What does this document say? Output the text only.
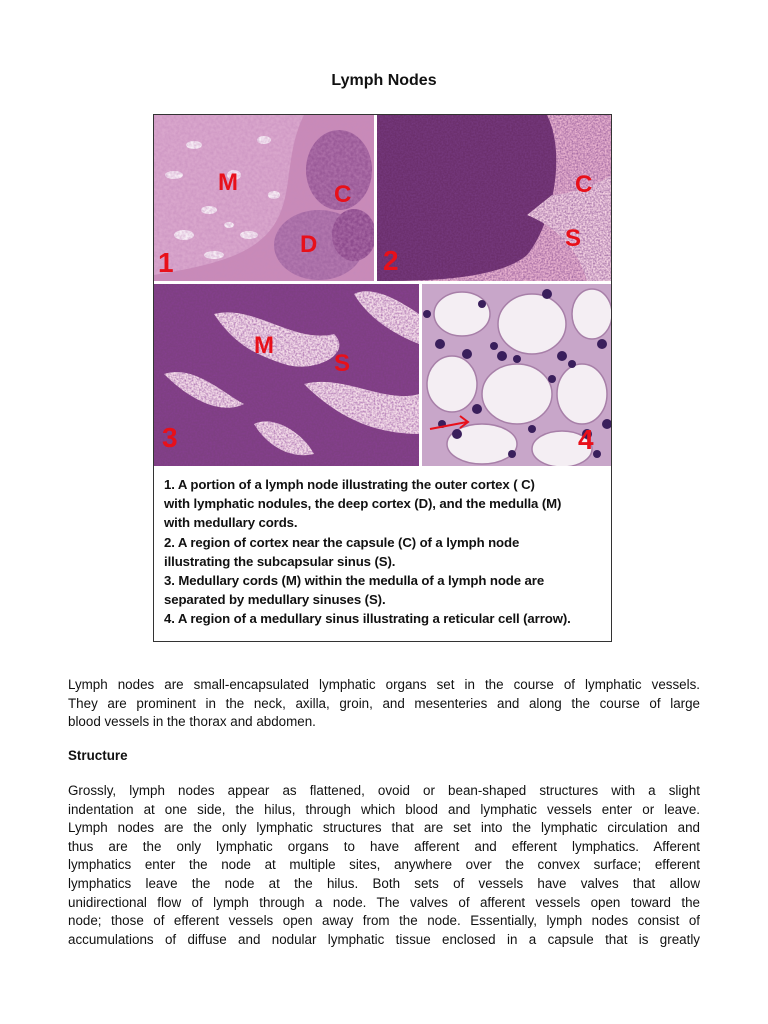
Lymph Nodes
M	C
D
1
C
S
2
M
S
3	4
1. A portion of a lymph node illustrating the outer cortex ( C)
with lymphatic nodules, the deep cortex (D), and the medulla (M)
with medullary cords.
2. A region of cortex near the capsule (C) of a lymph node
illustrating the subcapsular sinus (S).
3. Medullary cords (M) within the medulla of a lymph node are
separated by medullary sinuses (S).
4. A region of a medullary sinus illustrating a reticular cell (arrow).
Lymph nodes are small-encapsulated lymphatic organs set in the course of lymphatic vessels.
They are prominent in the neck, axilla, groin, and mesenteries and along the course of large
blood vessels in the thorax and abdomen.
Structure
Grossly, lymph nodes appear as flattened, ovoid or bean-shaped structures with a slight
indentation at one side, the hilus, through which blood and lymphatic vessels enter or leave.
Lymph nodes are the only lymphatic structures that are set into the lymphatic circulation and
thus are the only lymphatic organs to have afferent and efferent lymphatics. Afferent
lymphatics enter the node at multiple sites, anywhere over the convex surface; efferent
lymphatics leave the node at the hilus. Both sets of vessels have valves that allow
unidirectional flow of lymph through a node. The valves of afferent vessels open toward the
node; those of efferent vessels open away from the node. Essentially, lymph nodes consist of
accumulations of diffuse and nodular lymphatic tissue enclosed in a capsule that is greatly
